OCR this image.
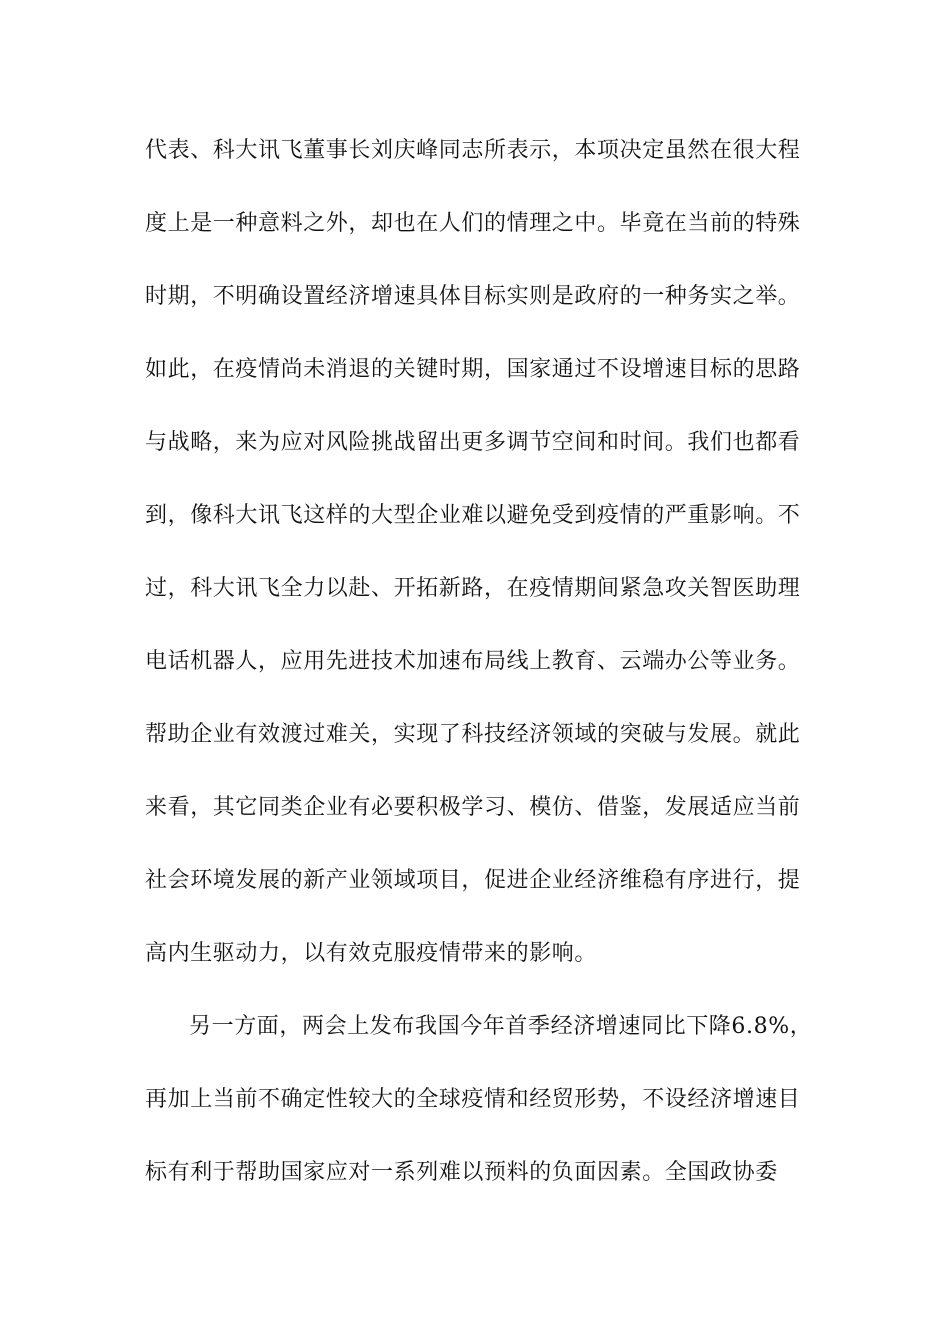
代表、科大讯飞董事长刘庆峰同志所表示，本项决定虽然在很大程
度上是一种意料之外，却也在人们的情理之中。毕竟在当前的特殊
时期，不明确设置经济增速具体目标实则是政府的一种务实之举。
如此，在疫情尚未消退的关键时期，国家通过不设增速目标的思路
与战略，来为应对风险挑战留出更多调节空间和时间。我们也都看
到，像科大讯飞这样的大型企业难以避免受到疫情的严重影响。不
过，科大讯飞全力以赴、开拓新路，在疫情期间紧急攻关智医助理
电话机器人，应用先进技术加速布局线上教育、云端办公等业务。
帮助企业有效渡过难关，实现了科技经济领域的突破与发展。就此
来看，其它同类企业有必要积极学习、模仿、借鉴，发展适应当前
社会环境发展的新产业领域项目，促进企业经济维稳有序进行，提
高内生驱动力，以有效克服疫情带来的影响。
另一方面，两会上发布我国今年首季经济增速同比下降6.8%，
再加上当前不确定性较大的全球疫情和经贸形势，不设经济增速目
标有利于帮助国家应对一系列难以预料的负面因素。全国政协委
